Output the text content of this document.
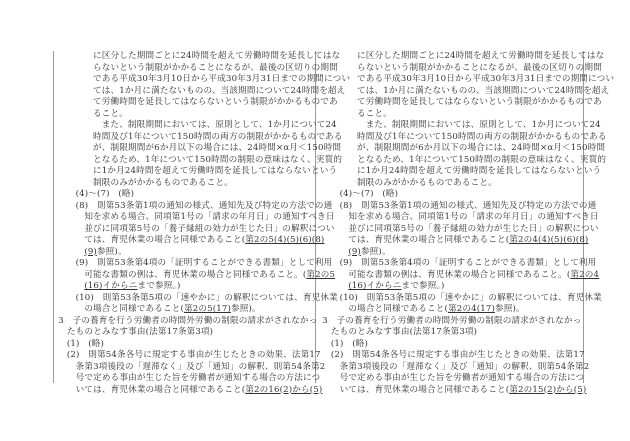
に区分した期間ごとに24時間を超えて労働時間を延長してはな
らないという制限がかかることになるが、最後の区切りの期間
である平成30年3月10日から平成30年3月31日までの期間につい
ては、1か月に満たないものの、当該期間について24時間を超え
て労働時間を延長してはならないという制限がかかるものであ
ること。
また、制限期間においては、原則として、1か月について24
時間及び1年について150時間の両方の制限がかかるものである
が、制限期間が6か月以下の場合には、24時間×α月＜150時間
となるため、1年について150時間の制限の意味はなく、実質的
に1か月24時間を超えて労働時間を延長してはならないという
制限のみがかかるものであること。
(4)～(7)　(略)
(8)　則第53条第1項の通知の様式、通知先及び特定の方法での通
知を求める場合、同項第1号の「請求の年月日」の通知すべき日
並びに同項第5号の「養子縁組の効力が生じた日」の解釈につい
ては、育児休業の場合と同様であること(第2の5(4)(5)(6)(8)
(9)参照)。
(9)　則第53条第4項の「証明することができる書類」として利用
可能な書類の例は、育児休業の場合と同様であること。(第2の5
(16)イからニまで参照。)
(10)　則第53条第5項の「速やかに」の解釈については、育児休業
の場合と同様であること(第2の5(17)参照)。
3　子の養育を行う労働者の時間外労働の制限の請求がされなかっ
たものとみなす事由(法第17条第3項)
(1)　(略)
(2)　則第54条各号に規定する事由が生じたときの効果、法第17
条第3項後段の「遅滞なく」及び「通知」の解釈、則第54条第2
号で定める事由が生じた旨を労働者が通知する場合の方法につ
いては、育児休業の場合と同様であること(第2の16(2)から(5)
に区分した期間ごとに24時間を超えて労働時間を延長してはな
らないという制限がかかることになるが、最後の区切りの期間
である平成30年3月10日から平成30年3月31日までの期間につい
ては、1か月に満たないものの、当該期間について24時間を超え
て労働時間を延長してはならないという制限がかかるものであ
ること。
また、制限期間においては、原則として、1か月について24
時間及び1年について150時間の両方の制限がかかるものである
が、制限期間が6か月以下の場合には、24時間×α月＜150時間
となるため、1年について150時間の制限の意味はなく、実質的
に1か月24時間を超えて労働時間を延長してはならないという
制限のみがかかるものであること。
(4)～(7)　(略)
(8)　則第53条第1項の通知の様式、通知先及び特定の方法での通
知を求める場合、同項第1号の「請求の年月日」の通知すべき日
並びに同項第5号の「養子縁組の効力が生じた日」の解釈につい
ては、育児休業の場合と同様であること(第2の4(4)(5)(6)(8)
(9)参照)。
(9)　則第53条第4項の「証明することができる書類」として利用
可能な書類の例は、育児休業の場合と同様であること。(第2の4
(16)イからニまで参照。)
(10)　則第53条第5項の「速やかに」の解釈については、育児休業
の場合と同様であること(第2の4(17)参照)。
3　子の養育を行う労働者の時間外労働の制限の請求がされなかっ
たものとみなす事由(法第17条第3項)
(1)　(略)
(2)　則第54条各号に規定する事由が生じたときの効果、法第17
条第3項後段の「遅滞なく」及び「通知」の解釈、則第54条第2
号で定める事由が生じた旨を労働者が通知する場合の方法につ
いては、育児休業の場合と同様であること(第2の15(2)から(5)
